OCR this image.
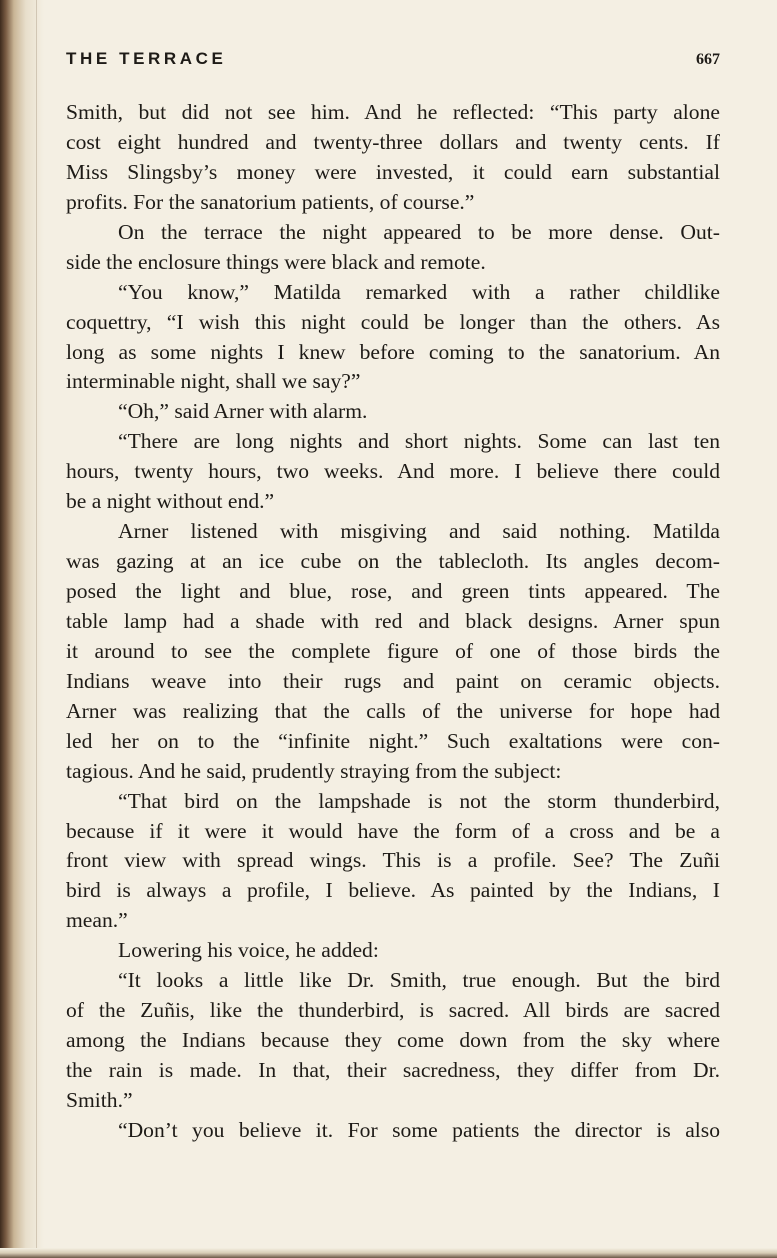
THE TERRACE	667
Smith, but did not see him. And he reflected: “This party alone
cost eight hundred and twenty-three dollars and twenty cents. If
Miss Slingsby’s money were invested, it could earn substantial
profits. For the sanatorium patients, of course.”
On the terrace the night appeared to be more dense. Out-
side the enclosure things were black and remote.
“You know,” Matilda remarked with a rather childlike
coquettry, “I wish this night could be longer than the others. As
long as some nights I knew before coming to the sanatorium. An
interminable night, shall we say?”
“Oh,” said Arner with alarm.
“There are long nights and short nights. Some can last ten
hours, twenty hours, two weeks. And more. I believe there could
be a night without end.”
Arner listened with misgiving and said nothing. Matilda
was gazing at an ice cube on the tablecloth. Its angles decom-
posed the light and blue, rose, and green tints appeared. The
table lamp had a shade with red and black designs. Arner spun
it around to see the complete figure of one of those birds the
Indians weave into their rugs and paint on ceramic objects.
Arner was realizing that the calls of the universe for hope had
led her on to the “infinite night.” Such exaltations were con-
tagious. And he said, prudently straying from the subject:
“That bird on the lampshade is not the storm thunderbird,
because if it were it would have the form of a cross and be a
front view with spread wings. This is a profile. See? The Zuñi
bird is always a profile, I believe. As painted by the Indians, I
mean.”
Lowering his voice, he added:
“It looks a little like Dr. Smith, true enough. But the bird
of the Zuñis, like the thunderbird, is sacred. All birds are sacred
among the Indians because they come down from the sky where
the rain is made. In that, their sacredness, they differ from Dr.
Smith.”
“Don’t you believe it. For some patients the director is also
